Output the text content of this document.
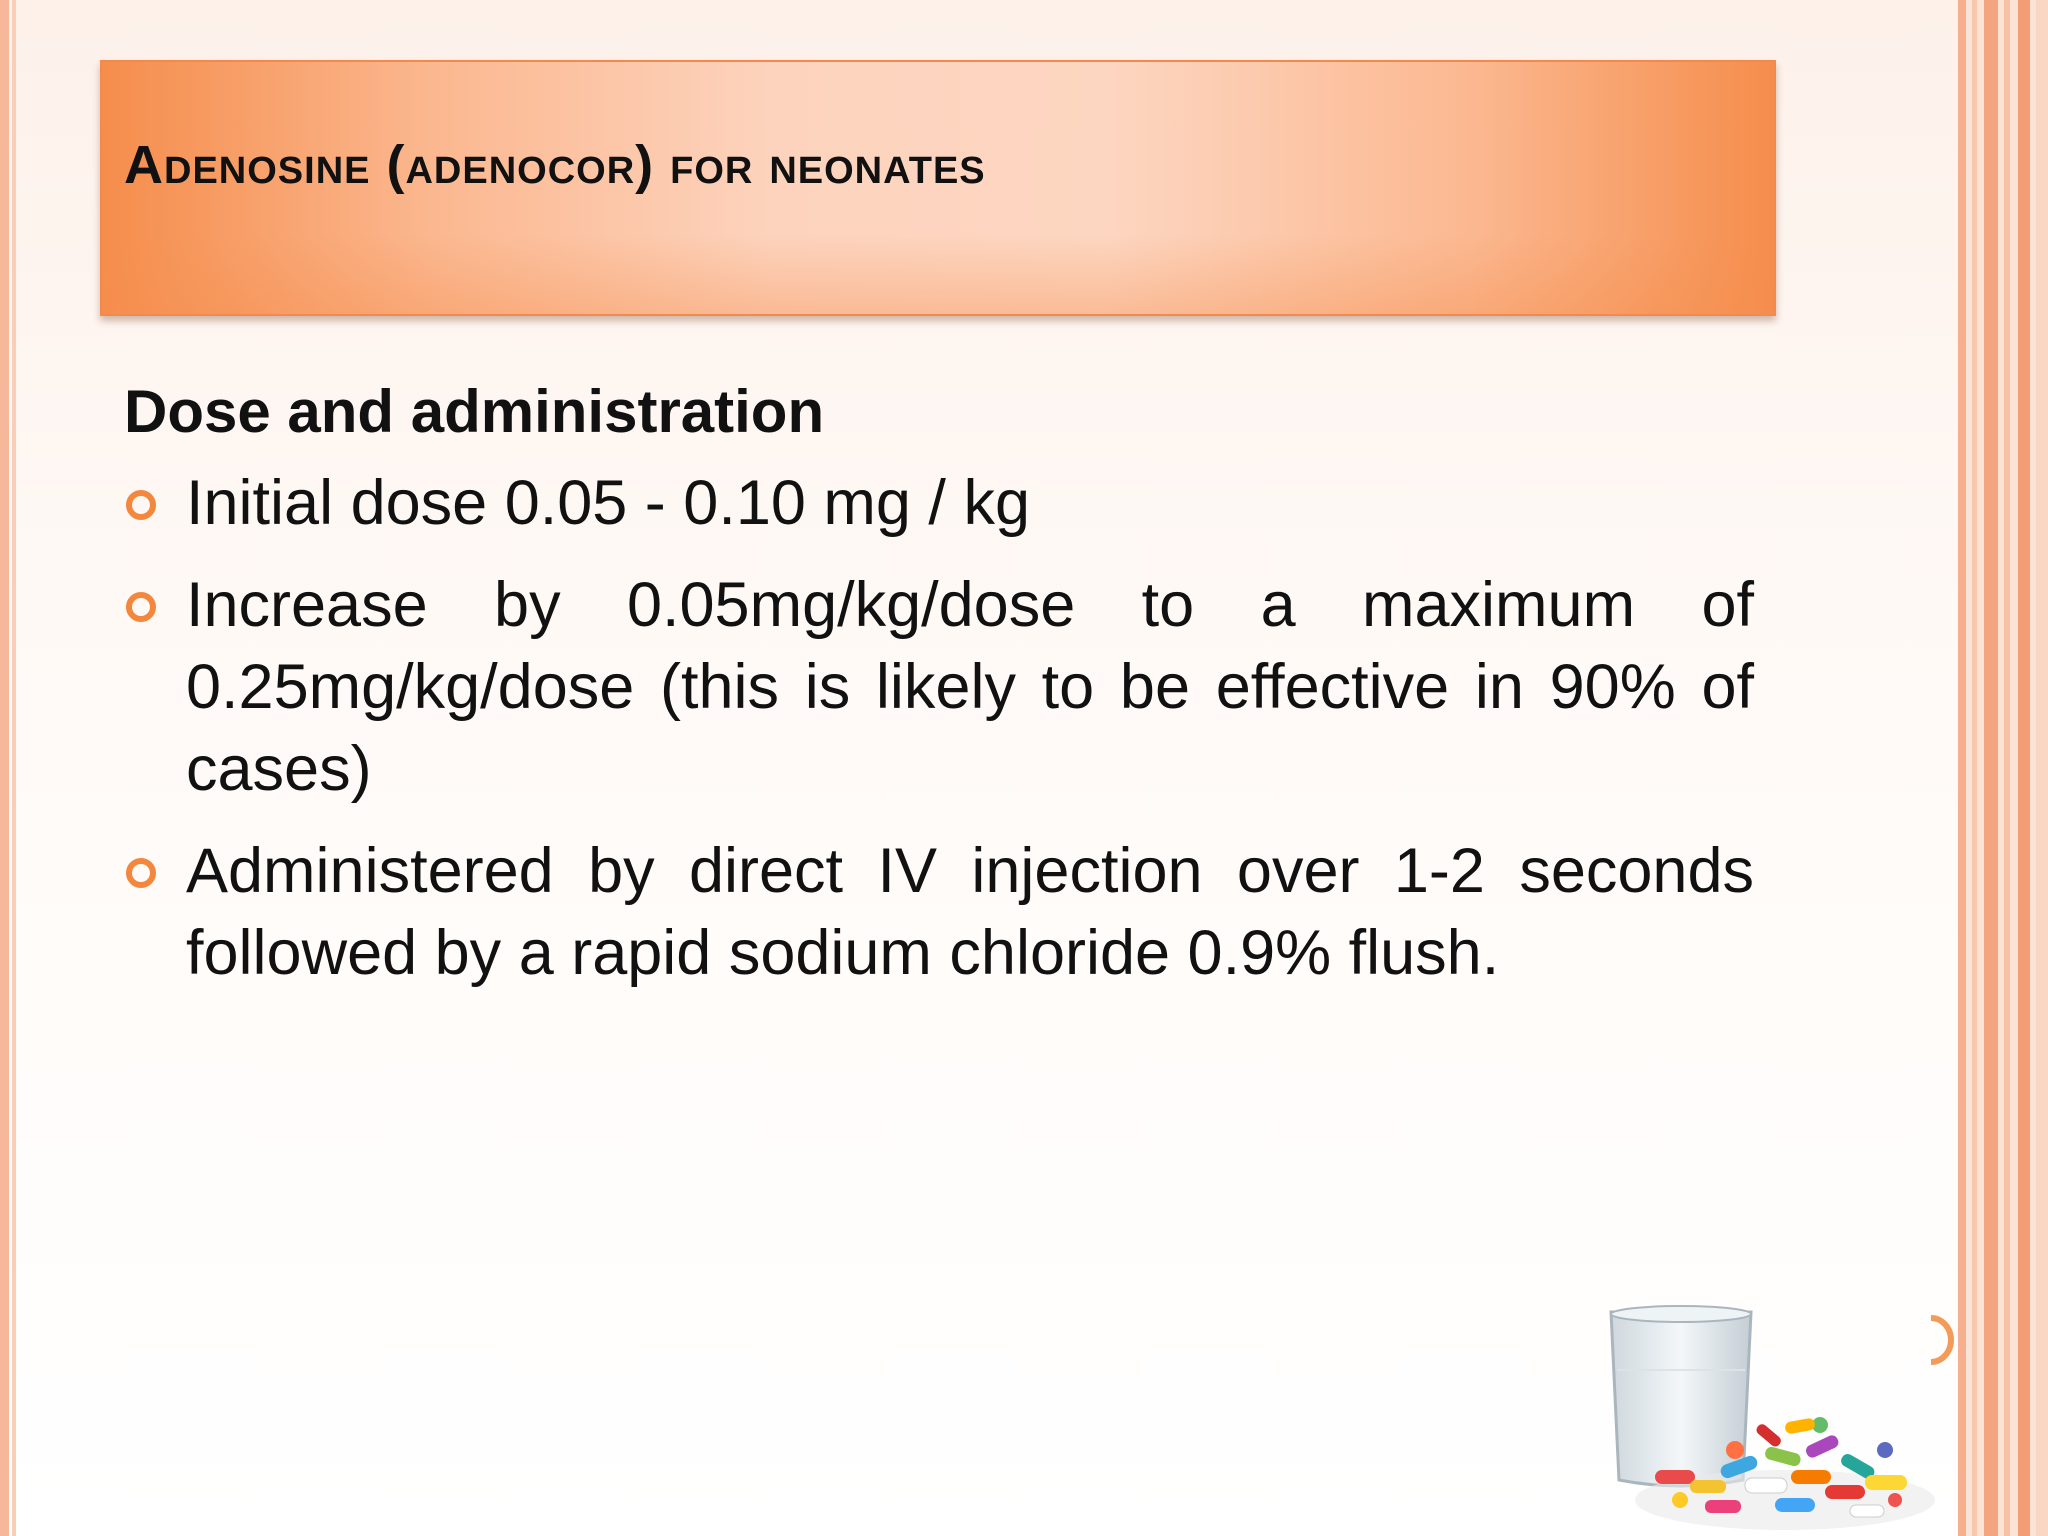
Adenosine (adenocor) for neonates
Dose and administration
Initial dose 0.05 - 0.10 mg / kg
Increase by 0.05mg/kg/dose to a maximum of 0.25mg/kg/dose (this is likely to be effective in 90% of cases)
Administered by direct IV injection over 1-2 seconds followed by a rapid sodium chloride 0.9% flush.
